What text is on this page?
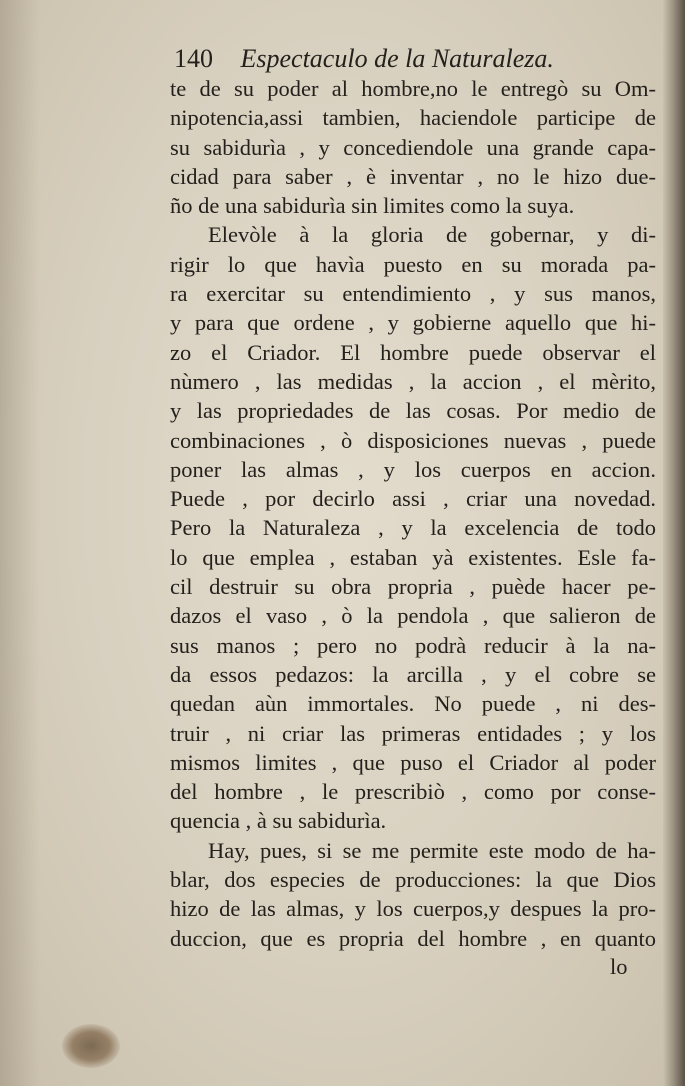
140 Espectaculo de la Naturaleza.
te de su poder al hombre,no le entregò su Om-
nipotencia,assi tambien, haciendole participe de
su sabidurìa , y concediendole una grande capa-
cidad para saber , è inventar , no le hizo due-
ño de una sabidurìa sin limites como la suya.
Elevòle à la gloria de gobernar, y di-
rigir lo que havìa puesto en su morada pa-
ra exercitar su entendimiento , y sus manos,
y para que ordene , y gobierne aquello que hi-
zo el Criador. El hombre puede observar el
nùmero , las medidas , la accion , el mèrito,
y las propriedades de las cosas. Por medio de
combinaciones , ò disposiciones nuevas , puede
poner las almas , y los cuerpos en accion.
Puede , por decirlo assi , criar una novedad.
Pero la Naturaleza , y la excelencia de todo
lo que emplea , estaban yà existentes. Esle fa-
cil destruir su obra propria , puède hacer pe-
dazos el vaso , ò la pendola , que salieron de
sus manos ; pero no podrà reducir à la na-
da essos pedazos: la arcilla , y el cobre se
quedan aùn immortales. No puede , ni des-
truir , ni criar las primeras entidades ; y los
mismos limites , que puso el Criador al poder
del hombre , le prescribiò , como por conse-
quencia , à su sabidurìa.
Hay, pues, si se me permite este modo de ha-
blar, dos especies de producciones: la que Dios
hizo de las almas, y los cuerpos,y despues la pro-
duccion, que es propria del hombre , en quanto
lo
